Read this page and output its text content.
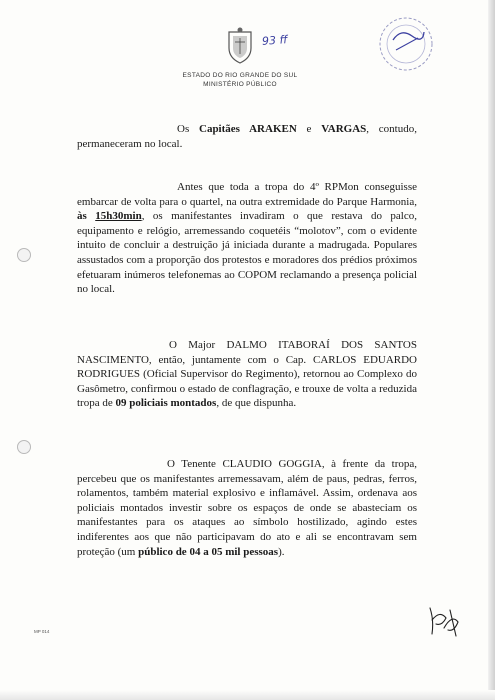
93 ff
ESTADO DO RIO GRANDE DO SUL
MINISTÉRIO PÚBLICO
Os Capitães ARAKEN e VARGAS, contudo, permaneceram no local.
Antes que toda a tropa do 4º RPMon conseguisse embarcar de volta para o quartel, na outra extremidade do Parque Harmonia, às 15h30min, os manifestantes invadiram o que restava do palco, equipamento e relógio, arremessando coquetéis “molotov”, com o evidente intuito de concluir a destruição já iniciada durante a madrugada. Populares assustados com a proporção dos protestos e moradores dos prédios próximos efetuaram inúmeros telefonemas ao COPOM reclamando a presença policial no local.
O Major DALMO ITABORAÍ DOS SANTOS NASCIMENTO, então, juntamente com o Cap. CARLOS EDUARDO RODRIGUES (Oficial Supervisor do Regimento), retornou ao Complexo do Gasômetro, confirmou o estado de conflagração, e trouxe de volta a reduzida tropa de 09 policiais montados, de que dispunha.
O Tenente CLAUDIO GOGGIA, à frente da tropa, percebeu que os manifestantes arremessavam, além de paus, pedras, ferros, rolamentos, também material explosivo e inflamável. Assim, ordenava aos policiais montados investir sobre os espaços de onde se abasteciam os manifestantes para os ataques ao símbolo hostilizado, agindo estes indiferentes aos que não participavam do ato e ali se encontravam sem proteção (um público de 04 a 05 mil pessoas).
MP 014
